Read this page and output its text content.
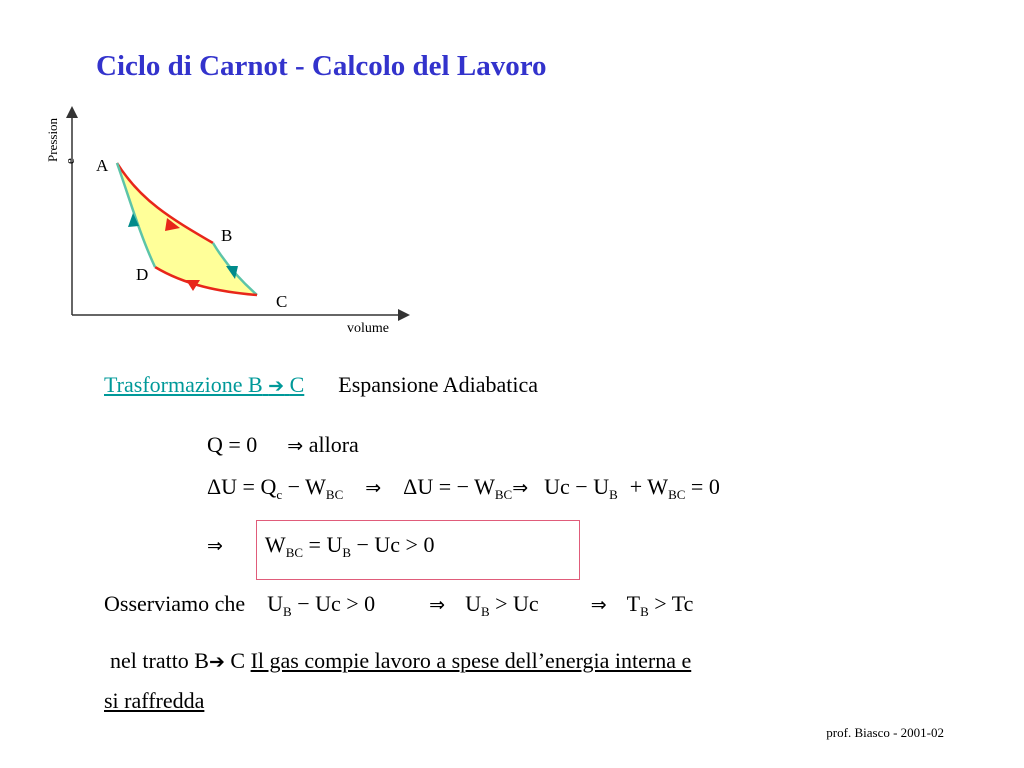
Ciclo di Carnot - Calcolo del Lavoro
Pression e
volume
A
B
C
D
Trasformazione B ➔ C Espansione Adiabatica
Q = 0 ⇒ allora
$\Delta U = Q_c - W_{BC}$ ⇒ ΔU = − $W_{BC}\Rightarrow$ $Uc - U_B + W_{BC} = 0$
⇒ $W_{BC} = U_B - Uc > 0$
Osserviamo che $U_B - Uc > 0$	⇒ $U_B > Uc$	⇒ $T_B > Tc$
nel tratto B➔ C Il gas compie lavoro a spese dell’energia interna e
si raffredda
prof. Biasco - 2001-02
